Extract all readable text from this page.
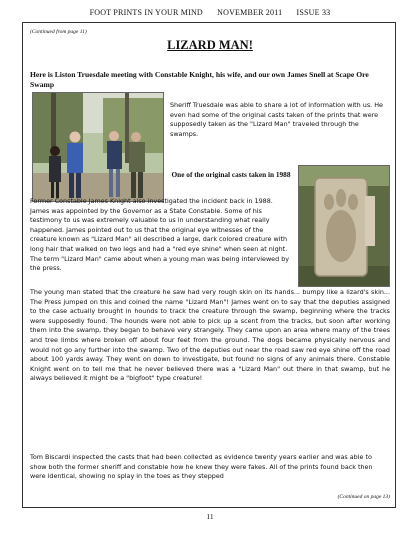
FOOT PRINTS IN YOUR MIND NOVEMBER 2011 ISSUE 33
(Continued from page 11)
LIZARD MAN!
Here is Liston Truesdale meeting with Constable Knight, his wife, and our own James Snell at Scape Ore Swamp
Sheriff Truesdale was able to share a lot of information with us. He even had some of the original casts taken of the prints that were supposedly taken as the "Lizard Man" traveled through the swamps.
One of the original casts taken in 1988
Former Constable James Knight also investigated the incident back in 1988. James was appointed by the Governor as a State Constable. Some of his testimony to us was extremely valuable to us in understanding what really happened. James pointed out to us that the original eye witnesses of the creature known as "Lizard Man" all described a large, dark colored creature with long hair that walked on two legs and had a "red eye shine" when seen at night. The term "Lizard Man" came about when a young man was being interviewed by the press.
The young man stated that the creature he saw had very rough skin on its hands... bumpy like a lizard's skin... The Press jumped on this and coined the name "Lizard Man"! James went on to say that the deputies assigned to the case actually brought in hounds to track the creature through the swamp, beginning where the tracks were supposedly found. The hounds were not able to pick up a scent from the tracks, but soon after working them into the swamp, they began to behave very strangely. They came upon an area where many of the trees and tree limbs where broken off about four feet from the ground. The dogs became physically nervous and would not go any further into the swamp. Two of the deputies out near the road saw red eye shine off the road about 100 yards away. They went on down to investigate, but found no signs of any animals there. Constable Knight went on to tell me that he never believed there was a "Lizard Man" out there in that swamp, but he always believed it might be a "bigfoot" type creature!
Tom Biscardi inspected the casts that had been collected as evidence twenty years earlier and was able to show both the former sheriff and constable how he knew they were fakes. All of the prints found back then were identical, showing no splay in the toes as they stepped
(Continued on page 13)
11
